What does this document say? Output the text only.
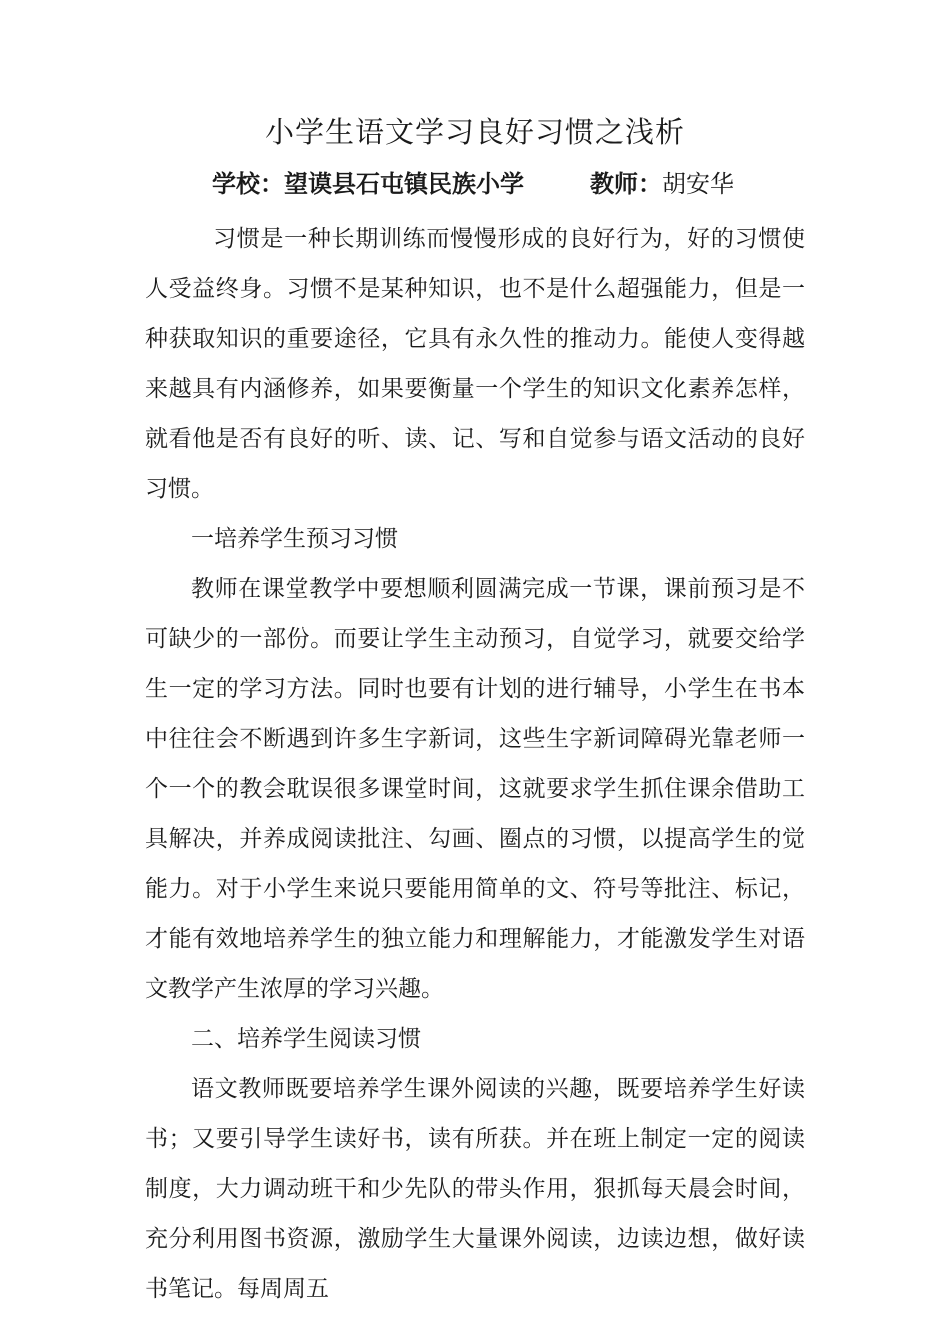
小学生语文学习良好习惯之浅析
学校：望谟县石屯镇民族小学	教师：胡安华

习惯是一种长期训练而慢慢形成的良好行为，好的习惯使人受益终身。习惯不是某种知识，也不是什么超强能力，但是一种获取知识的重要途径，它具有永久性的推动力。能使人变得越来越具有内涵修养，如果要衡量一个学生的知识文化素养怎样，就看他是否有良好的听、读、记、写和自觉参与语文活动的良好习惯。

一培养学生预习习惯

教师在课堂教学中要想顺利圆满完成一节课，课前预习是不可缺少的一部份。而要让学生主动预习，自觉学习，就要交给学生一定的学习方法。同时也要有计划的进行辅导，小学生在书本中往往会不断遇到许多生字新词，这些生字新词障碍光靠老师一个一个的教会耽误很多课堂时间，这就要求学生抓住课余借助工具解决，并养成阅读批注、勾画、圈点的习惯，以提高学生的觉能力。对于小学生来说只要能用简单的文、符号等批注、标记，才能有效地培养学生的独立能力和理解能力，才能激发学生对语文教学产生浓厚的学习兴趣。

二、培养学生阅读习惯

语文教师既要培养学生课外阅读的兴趣，既要培养学生好读书；又要引导学生读好书，读有所获。并在班上制定一定的阅读制度，大力调动班干和少先队的带头作用，狠抓每天晨会时间，充分利用图书资源，激励学生大量课外阅读，边读边想，做好读书笔记。每周周五
